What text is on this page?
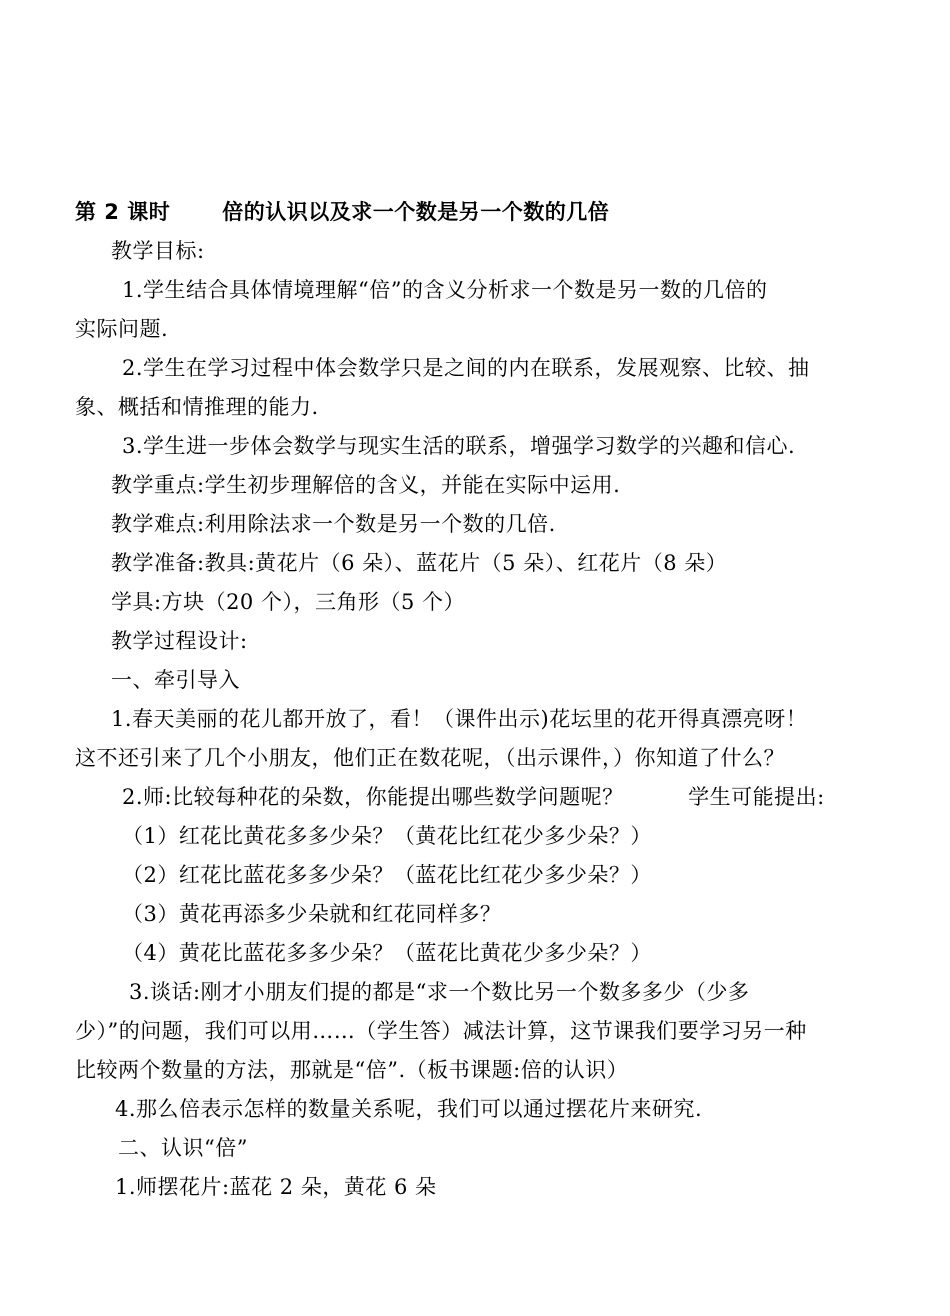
第 2 课时 倍的认识以及求一个数是另一个数的几倍
教学目标:
1.学生结合具体情境理解“倍”的含义分析求一个数是另一数的几倍的
实际问题.
2.学生在学习过程中体会数学只是之间的内在联系，发展观察、比较、抽
象、概括和情推理的能力.
3.学生进一步体会数学与现实生活的联系，增强学习数学的兴趣和信心.
教学重点:学生初步理解倍的含义，并能在实际中运用.
教学难点:利用除法求一个数是另一个数的几倍.
教学准备:教具:黄花片（6 朵）、蓝花片（5 朵）、红花片（8 朵）
学具:方块（20 个），三角形（5 个）
教学过程设计:
一、牵引导入
1.春天美丽的花儿都开放了，看！（课件出示)花坛里的花开得真漂亮呀！
这不还引来了几个小朋友，他们正在数花呢，（出示课件，）你知道了什么？
2.师:比较每种花的朵数，你能提出哪些数学问题呢？　　　学生可能提出:
（1）红花比黄花多多少朵？（黄花比红花少多少朵？）
（2）红花比蓝花多多少朵？（蓝花比红花少多少朵？）
（3）黄花再添多少朵就和红花同样多？
（4）黄花比蓝花多多少朵？（蓝花比黄花少多少朵？）
3.谈话:刚才小朋友们提的都是“求一个数比另一个数多多少（少多
少）”的问题，我们可以用……（学生答）减法计算，这节课我们要学习另一种
比较两个数量的方法，那就是“倍”.（板书课题:倍的认识）
4.那么倍表示怎样的数量关系呢，我们可以通过摆花片来研究.
二、认识“倍”
1.师摆花片:蓝花 2 朵，黄花 6 朵
